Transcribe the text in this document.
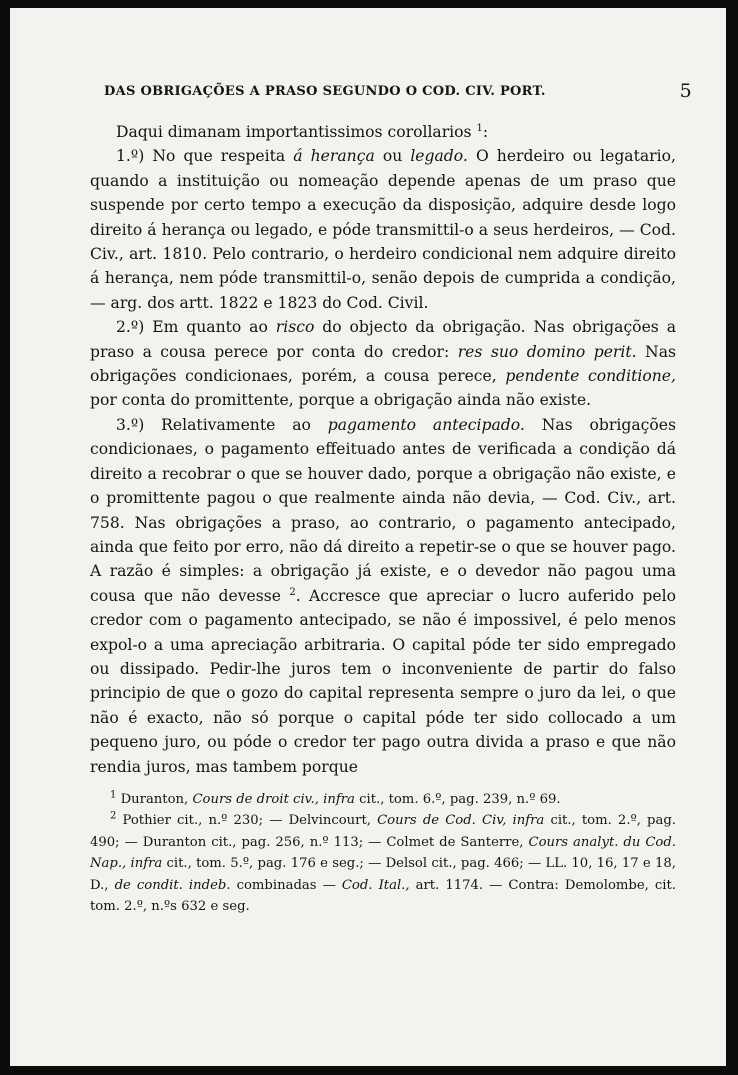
DAS OBRIGAÇÕES A PRASO SEGUNDO O COD. CIV. PORT.	5

Daqui dimanam importantissimos corollarios $^1$:

1.º) No que respeita á herança ou legado. O herdeiro ou legatario, quando a instituição ou nomeação depende apenas de um praso que suspende por certo tempo a execução da disposição, adquire desde logo direito á herança ou legado, e póde transmittil-o a seus herdeiros, — Cod. Civ., art. 1810. Pelo contrario, o herdeiro condicional nem adquire direito á herança, nem póde transmittil-o, senão depois de cumprida a condição, — arg. dos artt. 1822 e 1823 do Cod. Civil.

2.º) Em quanto ao risco do objecto da obrigação. Nas obrigações a praso a cousa perece por conta do credor: res suo domino perit. Nas obrigações condicionaes, porém, a cousa perece, pendente conditione, por conta do promittente, porque a obrigação ainda não existe.

3.º) Relativamente ao pagamento antecipado. Nas obrigações condicionaes, o pagamento effeituado antes de verificada a condição dá direito a recobrar o que se houver dado, porque a obrigação não existe, e o promittente pagou o que realmente ainda não devia, — Cod. Civ., art. 758. Nas obrigações a praso, ao contrario, o pagamento antecipado, ainda que feito por erro, não dá direito a repetir-se o que se houver pago. A razão é simples: a obrigação já existe, e o devedor não pagou uma cousa que não devesse $^2$. Accresce que apreciar o lucro auferido pelo credor com o pagamento antecipado, se não é impossivel, é pelo menos expol-o a uma apreciação arbitraria. O capital póde ter sido empregado ou dissipado. Pedir-lhe juros tem o inconveniente de partir do falso principio de que o gozo do capital representa sempre o juro da lei, o que não é exacto, não só porque o capital póde ter sido collocado a um pequeno juro, ou póde o credor ter pago outra divida a praso e que não rendia juros, mas tambem porque

$^1$ Duranton, Cours de droit civ., infra cit., tom. 6.º, pag. 239, n.º 69.

$^2$ Pothier cit., n.º 230; — Delvincourt, Cours de Cod. Civ, infra cit., tom. 2.º, pag. 490; — Duranton cit., pag. 256, n.º 113; — Colmet de Santerre, Cours analyt. du Cod. Nap., infra cit., tom. 5.º, pag. 176 e seg.; — Delsol cit., pag. 466; — LL. 10, 16, 17 e 18, D., de condit. indeb. combinadas — Cod. Ital., art. 1174. — Contra: Demolombe, cit. tom. 2.º, n.ºs 632 e seg.
